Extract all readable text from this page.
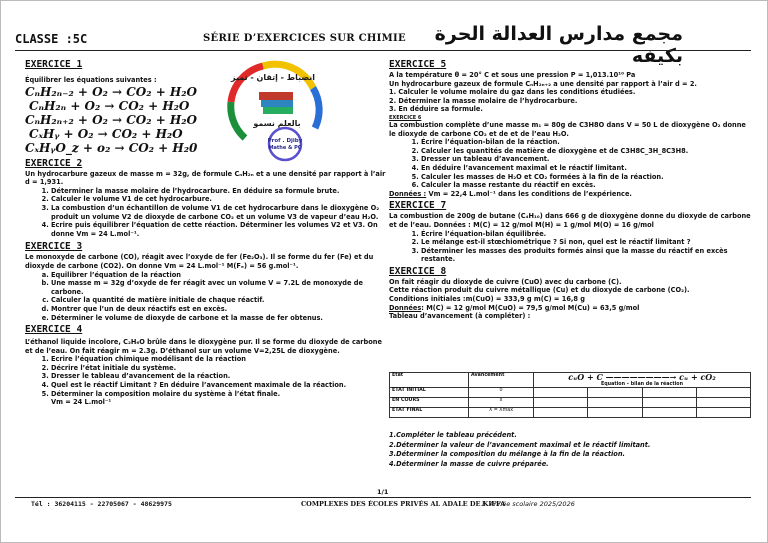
CLASSE :5C	SÉRIE D’EXERCICES SUR CHIMIE	مجمع مدارس العدالة الحرة بكيفه
EXERCICE 1

Équilibrer les équations suivantes :

CₙH₂ₙ₋₂ + O₂ → CO₂ + H₂O
CₙH₂ₙ + O₂ → CO₂ + H₂O
CₙH₂ₙ₊₂ + O₂ → CO₂ + H₂O
CₓHᵧ + O₂ → CO₂ + H₂O
CₓHᵧO_z + o₂ → CO₂ + H₂0
EXERCICE 2

Un hydrocarbure gazeux de masse m = 32g, de formule CₙH₂ₙ et a une densité par rapport à l’air d = 1,931.

1. Déterminer la masse molaire de l’hydrocarbure. En déduire sa formule brute.
2. Calculer le volume V1 de cet hydrocarbure.
3. La combustion d’un échantillon de volume V1 de cet hydrocarbure dans le dioxygène O₂ produit un volume V2 de dioxyde de carbone CO₂ et un volume V3 de vapeur d’eau H₂O.
4. Ecrire puis équilibrer l’équation de cette réaction. Déterminer les volumes V2 et V3. On donne Vm = 24 L.mol⁻¹.
EXERCICE 3

Le monoxyde de carbone (CO), réagit avec l’oxyde de fer (Fe₂O₃). Il se forme du fer (Fe) et du dioxyde de carbone (CO2). On donne Vm = 24 L.mol⁻¹ M(Fₑ) = 56 g.mol⁻¹.

a. Equilibrer l’équation de la réaction
b. Une masse m = 32g d’oxyde de fer réagit avec un volume V = 7.2L de monoxyde de carbone.
c. Calculer la quantité de matière initiale de chaque réactif.
d. Montrer que l’un de deux réactifs est en excès.
e. Déterminer le volume de dioxyde de carbone et la masse de fer obtenus.
EXERCICE 4

L’éthanol liquide incolore, C₂H₆O brûle dans le dioxygène pur. Il se forme du dioxyde de carbone et de l’eau. On fait réagir m = 2.3g. D’éthanol sur un volume V=2,25L de dioxygène.

1. Ecrire l’équation chimique modélisant de la réaction
2. Décrire l’état initiale du système.
3. Dresser le tableau d’avancement de la réaction.
4. Quel est le réactif Limitant ? En déduire l’avancement maximale de la réaction.
5. Déterminer la composition molaire du système à l’état finale.

Vm = 24 L.mol⁻¹

انضباط - إتقان - تميز
بالعلم نسمو
Prof . Djiby
Mathe & PC
EXERCICE 5

A la température θ = 20° C et sous une pression P = 1,013.10¹⁰ Pa

Un hydrocarbure gazeux de formule CₙH₂ₙ₊₂ a une densité par rapport à l’air d = 2.

1. Calculer le volume molaire du gaz dans les conditions étudiées.

2. Déterminer la masse molaire de l’hydrocarbure.

3. En déduire sa formule.

EXERCICE 6

La combustion complète d’une masse m₁ = 80g de C3H8O dans V = 50 L de dioxygène O₂ donne le dioxyde de carbone CO₂ et de et de l’eau H₂O.

1. Écrire l’équation-bilan de la réaction.
2. Calculer les quantités de matière de dioxygène et de C3H8C_3H_8C3H8.
3. Dresser un tableau d’avancement.
4. En déduire l’avancement maximal et le réactif limitant.
5. Calculer les masses de H₂O et CO₂ formées à la fin de la réaction.
6. Calculer la masse restante du réactif en excès.

Données : Vm = 22,4 L.mol⁻¹ dans les conditions de l’expérience.

EXERCICE 7

La combustion de 200g de butane (C₄H₁₀) dans 666 g de dioxygène donne du dioxyde de carbone et de l’eau. Données : M(C) = 12 g/mol M(H) = 1 g/mol M(O) = 16 g/mol

1. Écrire l’équation-bilan équilibrée.
2. Le mélange est-il stœchiométrique ? Si non, quel est le réactif limitant ?
3. Déterminer les masses des produits formés ainsi que la masse du réactif en excès restante.
EXERCICE 8

On fait réagir du dioxyde de cuivre (CuO) avec du carbone (C).

Cette réaction produit du cuivre métallique (Cu) et du dioxyde de carbone (CO₂).

Conditions initiales :m(CuO) = 333,9 g m(C) = 16,8 g

Données: M(C) = 12 g/mol M(CuO) = 79,5 g/mol M(Cu) = 63,5 g/mol

Tableau d’avancement (à compléter) :

Etat	Avancement	cᵤO + C ————————→ cᵤ + cO₂
Equation – bilan de la réaction			

ETAT INITIAL	0				
EN COURS	x				
ETAT FINAL	X = Xmax				

1.Compléter le tableau précédent.

2.Déterminer la valeur de l’avancement maximal et le réactif limitant.

3.Déterminer la composition du mélange à la fin de la réaction.

4.Déterminer la masse de cuivre préparée.

1/1
Tél : 36204115 - 22705067 - 48629975	COMPLEXES DES ÉCOLES PRIVÉS AL ADALE DE KIFFA
1- Année scolaire 2025/2026
